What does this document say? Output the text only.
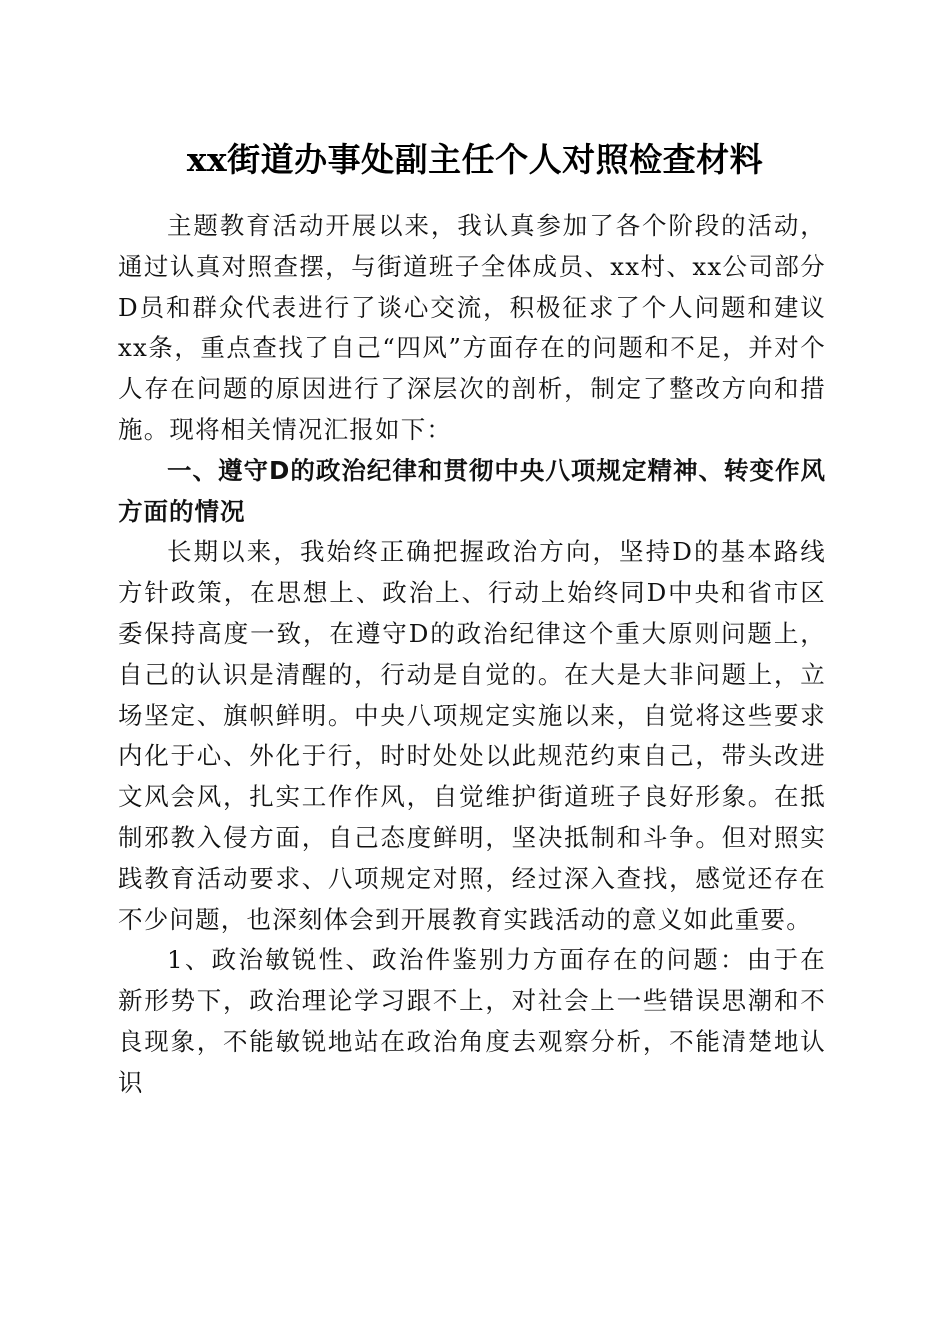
xx街道办事处副主任个人对照检查材料

主题教育活动开展以来，我认真参加了各个阶段的活动，通过认真对照查摆，与街道班子全体成员、xx村、xx公司部分D员和群众代表进行了谈心交流，积极征求了个人问题和建议xx条，重点查找了自己“四风”方面存在的问题和不足，并对个人存在问题的原因进行了深层次的剖析，制定了整改方向和措施。现将相关情况汇报如下：

一、遵守D的政治纪律和贯彻中央八项规定精神、转变作风方面的情况

长期以来，我始终正确把握政治方向，坚持D的基本路线方针政策，在思想上、政治上、行动上始终同D中央和省市区委保持高度一致，在遵守D的政治纪律这个重大原则问题上，自己的认识是清醒的，行动是自觉的。在大是大非问题上，立场坚定、旗帜鲜明。中央八项规定实施以来，自觉将这些要求内化于心、外化于行，时时处处以此规范约束自己，带头改进文风会风，扎实工作作风，自觉维护街道班子良好形象。在抵制邪教入侵方面，自己态度鲜明，坚决抵制和斗争。但对照实践教育活动要求、八项规定对照，经过深入查找，感觉还存在不少问题，也深刻体会到开展教育实践活动的意义如此重要。

1、政治敏锐性、政治件鉴别力方面存在的问题：由于在新形势下，政治理论学习跟不上，对社会上一些错误思潮和不良现象，不能敏锐地站在政治角度去观察分析，不能清楚地认识
